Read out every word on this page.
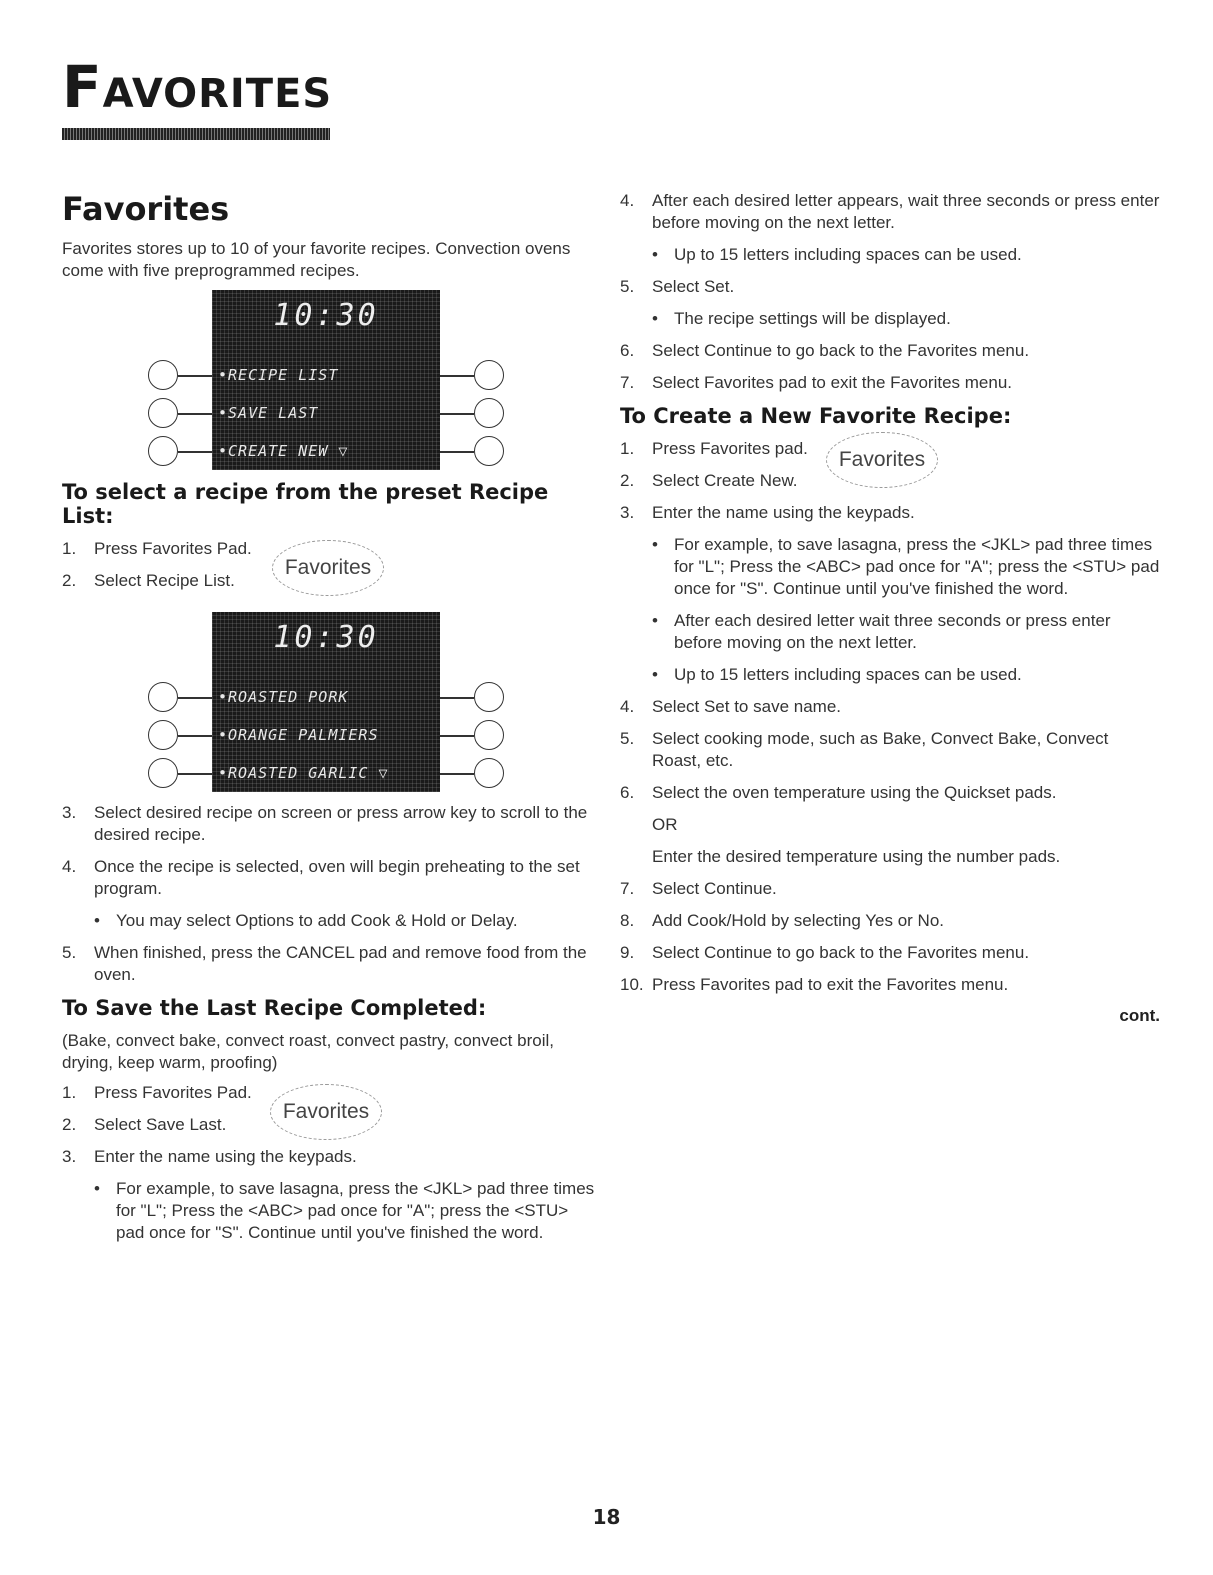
FAVORITES
Favorites

Favorites stores up to 10 of your favorite recipes. Convection ovens come with five preprogrammed recipes.

10:30
•RECIPE LIST
•SAVE LAST
•CREATE NEW ▽
To select a recipe from the preset Recipe List:
1. Press Favorites Pad.
2. Select Recipe List.
Favorites
10:30
•ROASTED PORK
•ORANGE PALMIERS
•ROASTED GARLIC ▽
3. Select desired recipe on screen or press arrow key to scroll to the desired recipe.
4. Once the recipe is selected, oven will begin preheating to the set program.
• You may select Options to add Cook & Hold or Delay.
5. When finished, press the CANCEL pad and remove food from the oven.
To Save the Last Recipe Completed:

(Bake, convect bake, convect roast, convect pastry, convect broil, drying, keep warm, proofing)

1. Press Favorites Pad.
2. Select Save Last.
Favorites
3. Enter the name using the keypads.
• For example, to save lasagna, press the <JKL> pad three times for "L"; Press the <ABC> pad once for "A"; press the <STU> pad once for "S". Continue until you've finished the word.
4. After each desired letter appears, wait three seconds or press enter before moving on the next letter.
• Up to 15 letters including spaces can be used.
5. Select Set.
• The recipe settings will be displayed.
6. Select Continue to go back to the Favorites menu.
7. Select Favorites pad to exit the Favorites menu.
To Create a New Favorite Recipe:
1. Press Favorites pad.
2. Select Create New.
Favorites
3. Enter the name using the keypads.
• For example, to save lasagna, press the <JKL> pad three times for "L"; Press the <ABC> pad once for "A"; press the <STU> pad once for "S". Continue until you've finished the word.
• After each desired letter wait three seconds or press enter before moving on the next letter.
• Up to 15 letters including spaces can be used.
4. Select Set to save name.
5. Select cooking mode, such as Bake, Convect Bake, Convect Roast, etc.
6. Select the oven temperature using the Quickset pads.
OR
Enter the desired temperature using the number pads.
7. Select Continue.
8. Add Cook/Hold by selecting Yes or No.
9. Select Continue to go back to the Favorites menu.
10. Press Favorites pad to exit the Favorites menu.
cont.
18
